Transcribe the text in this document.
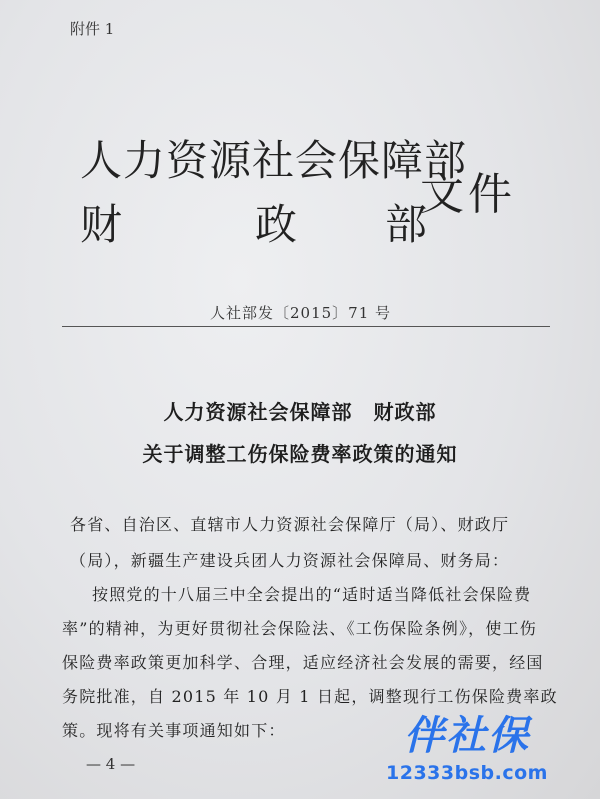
附件 1
人力资源社会保障部
财	政 部
文件
人社部发〔2015〕71 号
人力资源社会保障部　财政部
关于调整工伤保险费率政策的通知
各省、自治区、直辖市人力资源社会保障厅（局）、财政厅
（局），新疆生产建设兵团人力资源社会保障局、财务局：
按照党的十八届三中全会提出的“适时适当降低社会保险费
率”的精神，为更好贯彻社会保险法、《工伤保险条例》，使工伤
保险费率政策更加科学、合理，适应经济社会发展的需要，经国
务院批准，自 2015 年 10 月 1 日起，调整现行工伤保险费率政
策。现将有关事项通知如下：
— 4 —
伴社保
12333bsb.com
